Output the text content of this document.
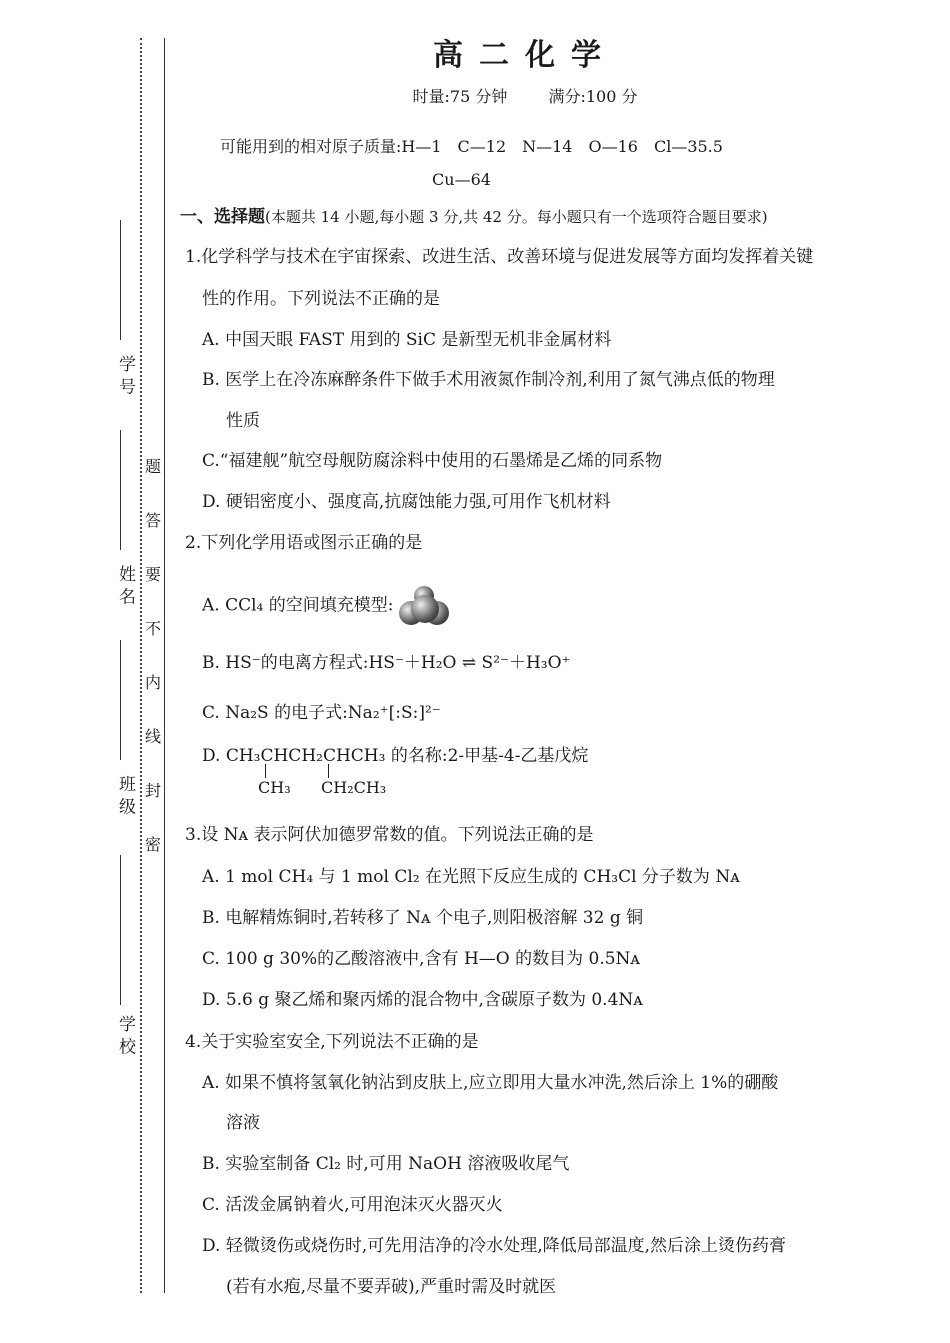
学 号
姓 名
班 级
学 校
题
答
要
不
内
线
封
密
高二化学
时量:75 分钟	满分:100 分
可能用到的相对原子质量:H—1　C—12　N—14　O—16　Cl—35.5
Cu—64
一、选择题(本题共 14 小题,每小题 3 分,共 42 分。每小题只有一个选项符合题目要求)
1.化学科学与技术在宇宙探索、改进生活、改善环境与促进发展等方面均发挥着关键
性的作用。下列说法不正确的是
A. 中国天眼 FAST 用到的 SiC 是新型无机非金属材料
B. 医学上在冷冻麻醉条件下做手术用液氮作制冷剂,利用了氮气沸点低的物理
性质
C.“福建舰”航空母舰防腐涂料中使用的石墨烯是乙烯的同系物
D. 硬铝密度小、强度高,抗腐蚀能力强,可用作飞机材料
2.下列化学用语或图示正确的是
A. CCl₄ 的空间填充模型:
B. HS⁻的电离方程式:HS⁻＋H₂O ⇌ S²⁻＋H₃O⁺
C. Na₂S 的电子式:Na₂⁺[:S:]²⁻
D. CH₃CHCH₂CHCH₃ 的名称:2-甲基-4-乙基戊烷
CH₃ CH₂CH₃
3.设 Nᴀ 表示阿伏加德罗常数的值。下列说法正确的是
A. 1 mol CH₄ 与 1 mol Cl₂ 在光照下反应生成的 CH₃Cl 分子数为 Nᴀ
B. 电解精炼铜时,若转移了 Nᴀ 个电子,则阳极溶解 32 g 铜
C. 100 g 30%的乙酸溶液中,含有 H—O 的数目为 0.5Nᴀ
D. 5.6 g 聚乙烯和聚丙烯的混合物中,含碳原子数为 0.4Nᴀ
4.关于实验室安全,下列说法不正确的是
A. 如果不慎将氢氧化钠沾到皮肤上,应立即用大量水冲洗,然后涂上 1%的硼酸
溶液
B. 实验室制备 Cl₂ 时,可用 NaOH 溶液吸收尾气
C. 活泼金属钠着火,可用泡沫灭火器灭火
D. 轻微烫伤或烧伤时,可先用洁净的冷水处理,降低局部温度,然后涂上烫伤药膏
(若有水疱,尽量不要弄破),严重时需及时就医
